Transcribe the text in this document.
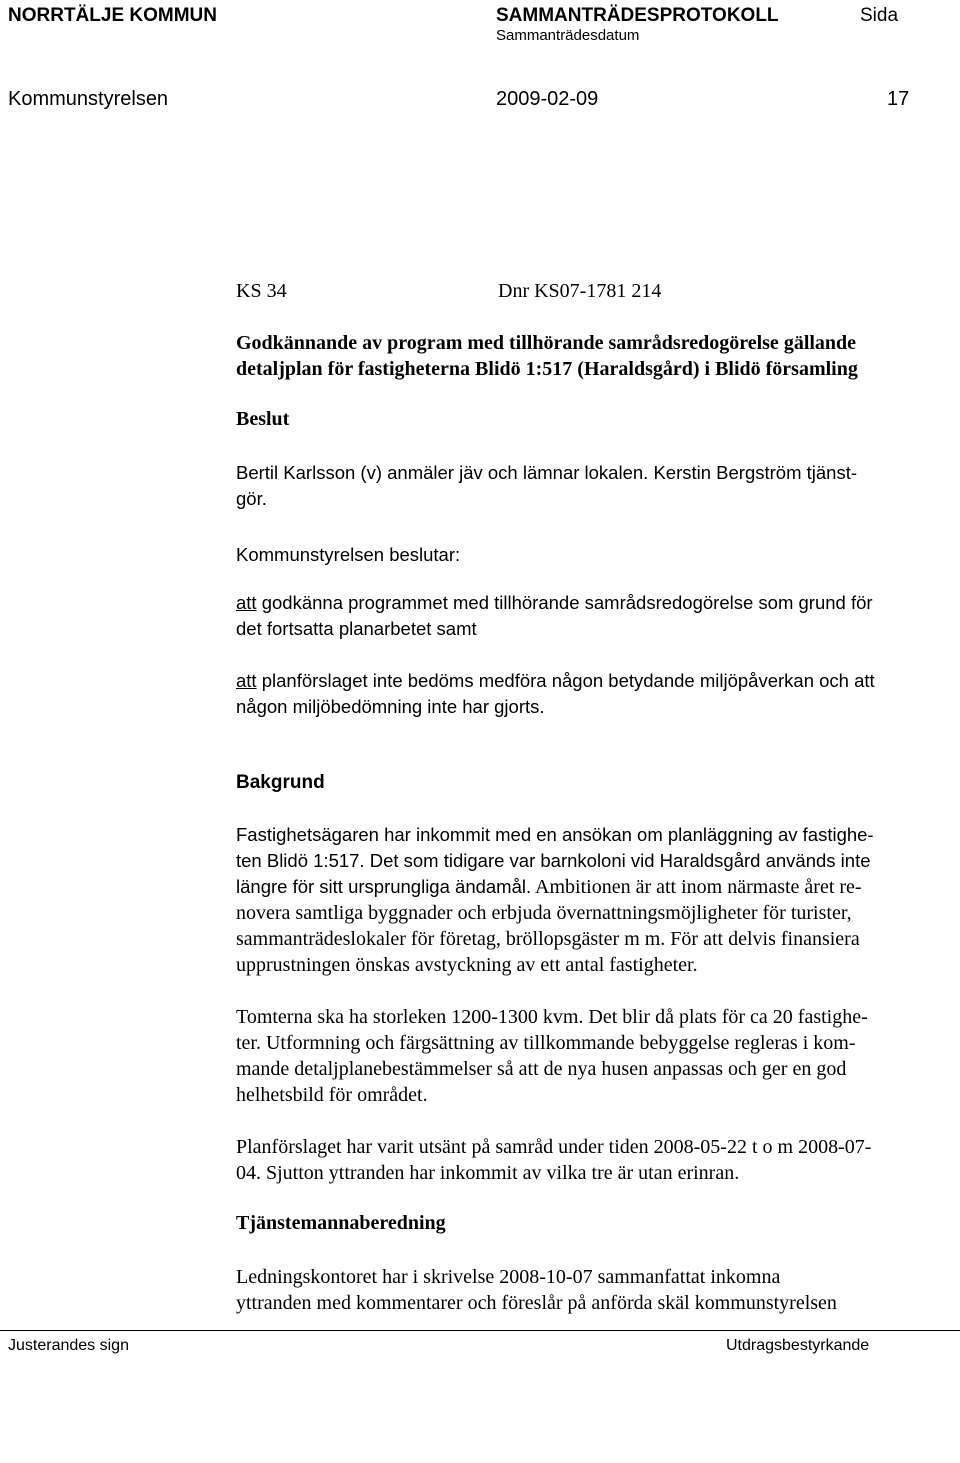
NORRTÄLJE KOMMUN	SAMMANTRÄDESPROTOKOLL
Sammanträdesdatum
Sida
Kommunstyrelsen	2009-02-09	17
KS 34	Dnr KS07-1781 214
Godkännande av program med tillhörande samrådsredogörelse gällande
detaljplan för fastigheterna Blidö 1:517 (Haraldsgård) i Blidö församling
Beslut
Bertil Karlsson (v) anmäler jäv och lämnar lokalen. Kerstin Bergström tjänst-
gör.
Kommunstyrelsen beslutar:
att godkänna programmet med tillhörande samrådsredogörelse som grund för
det fortsatta planarbetet samt
att planförslaget inte bedöms medföra någon betydande miljöpåverkan och att
någon miljöbedömning inte har gjorts.
Bakgrund
Fastighetsägaren har inkommit med en ansökan om planläggning av fastighe-
ten Blidö 1:517. Det som tidigare var barnkoloni vid Haraldsgård används inte
längre för sitt ursprungliga ändamål. Ambitionen är att inom närmaste året re-
novera samtliga byggnader och erbjuda övernattningsmöjligheter för turister,
sammanträdeslokaler för företag, bröllopsgäster m m. För att delvis finansiera
upprustningen önskas avstyckning av ett antal fastigheter.
Tomterna ska ha storleken 1200-1300 kvm. Det blir då plats för ca 20 fastighe-
ter. Utformning och färgsättning av tillkommande bebyggelse regleras i kom-
mande detaljplanebestämmelser så att de nya husen anpassas och ger en god
helhetsbild för området.
Planförslaget har varit utsänt på samråd under tiden 2008-05-22 t o m 2008-07-
04. Sjutton yttranden har inkommit av vilka tre är utan erinran.
Tjänstemannaberedning
Ledningskontoret har i skrivelse 2008-10-07 sammanfattat inkomna
yttranden med kommentarer och föreslår på anförda skäl kommunstyrelsen
Justerandes sign	Utdragsbestyrkande
